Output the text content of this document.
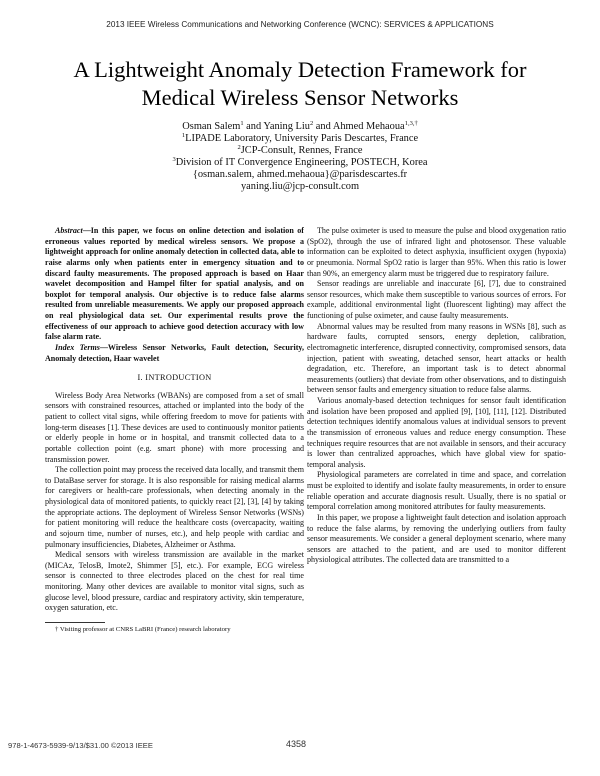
2013 IEEE Wireless Communications and Networking Conference (WCNC): SERVICES & APPLICATIONS
A Lightweight Anomaly Detection Framework for Medical Wireless Sensor Networks
Osman Salem$^1$ and Yaning Liu$^2$ and Ahmed Mehaoua$^{1,3,\dagger}$
$^1$LIPADE Laboratory, University Paris Descartes, France
$^2$JCP-Consult, Rennes, France
$^3$Division of IT Convergence Engineering, POSTECH, Korea
{osman.salem, ahmed.mehaoua}@parisdescartes.fr
yaning.liu@jcp-consult.com

Abstract—In this paper, we focus on online detection and isolation of erroneous values reported by medical wireless sensors. We propose a lightweight approach for online anomaly detection in collected data, able to raise alarms only when patients enter in emergency situation and to discard faulty measurements. The proposed approach is based on Haar wavelet decomposition and Hampel filter for spatial analysis, and on boxplot for temporal analysis. Our objective is to reduce false alarms resulted from unreliable measurements. We apply our proposed approach on real physiological data set. Our experimental results prove the effectiveness of our approach to achieve good detection accuracy with low false alarm rate.

Index Terms—Wireless Sensor Networks, Fault detection, Security, Anomaly detection, Haar wavelet

I. INTRODUCTION

Wireless Body Area Networks (WBANs) are composed from a set of small sensors with constrained resources, attached or implanted into the body of the patient to collect vital signs, while offering freedom to move for patients with long-term diseases [1]. These devices are used to continuously monitor patients or elderly people in home or in hospital, and transmit collected data to a portable collection point (e.g. smart phone) with more processing and transmission power.

The collection point may process the received data locally, and transmit them to DataBase server for storage. It is also responsible for raising medical alarms for caregivers or health-care professionals, when detecting anomaly in the physiological data of monitored patients, to quickly react [2], [3], [4] by taking the appropriate actions. The deployment of Wireless Sensor Networks (WSNs) for patient monitoring will reduce the healthcare costs (overcapacity, waiting and sojourn time, number of nurses, etc.), and help people with cardiac and pulmonary insufficiencies, Diabetes, Alzheimer or Asthma.

Medical sensors with wireless transmission are available in the market (MICAz, TelosB, Imote2, Shimmer [5], etc.). For example, ECG wireless sensor is connected to three electrodes placed on the chest for real time monitoring. Many other devices are available to monitor vital signs, such as glucose level, blood pressure, cardiac and respiratory activity, skin temperature, oxygen saturation, etc.

† Visiting professor at CNRS LaBRI (France) research laboratory

The pulse oximeter is used to measure the pulse and blood oxygenation ratio (SpO2), through the use of infrared light and photosensor. These valuable information can be exploited to detect asphyxia, insufficient oxygen (hypoxia) or pneumonia. Normal SpO2 ratio is larger than 95%. When this ratio is lower than 90%, an emergency alarm must be triggered due to respiratory failure.

Sensor readings are unreliable and inaccurate [6], [7], due to constrained sensor resources, which make them susceptible to various sources of errors. For example, additional environmental light (fluorescent lighting) may affect the functioning of pulse oximeter, and cause faulty measurements.

Abnormal values may be resulted from many reasons in WSNs [8], such as hardware faults, corrupted sensors, energy depletion, calibration, electromagnetic interference, disrupted connectivity, compromised sensors, data injection, patient with sweating, detached sensor, heart attacks or health degradation, etc. Therefore, an important task is to detect abnormal measurements (outliers) that deviate from other observations, and to distinguish between sensor faults and emergency situation to reduce false alarms.

Various anomaly-based detection techniques for sensor fault identification and isolation have been proposed and applied [9], [10], [11], [12]. Distributed detection techniques identify anomalous values at individual sensors to prevent the transmission of erroneous values and reduce energy consumption. These techniques require resources that are not available in sensors, and their accuracy is lower than centralized approaches, which have global view for spatio-temporal analysis.

Physiological parameters are correlated in time and space, and correlation must be exploited to identify and isolate faulty measurements, in order to ensure reliable operation and accurate diagnosis result. Usually, there is no spatial or temporal correlation among monitored attributes for faulty measurements.

In this paper, we propose a lightweight fault detection and isolation approach to reduce the false alarms, by removing the underlying outliers from faulty sensor measurements. We consider a general deployment scenario, where many sensors are attached to the patient, and are used to monitor different physiological attributes. The collected data are transmitted to a

978-1-4673-5939-9/13/$31.00 ©2013 IEEE	4358
